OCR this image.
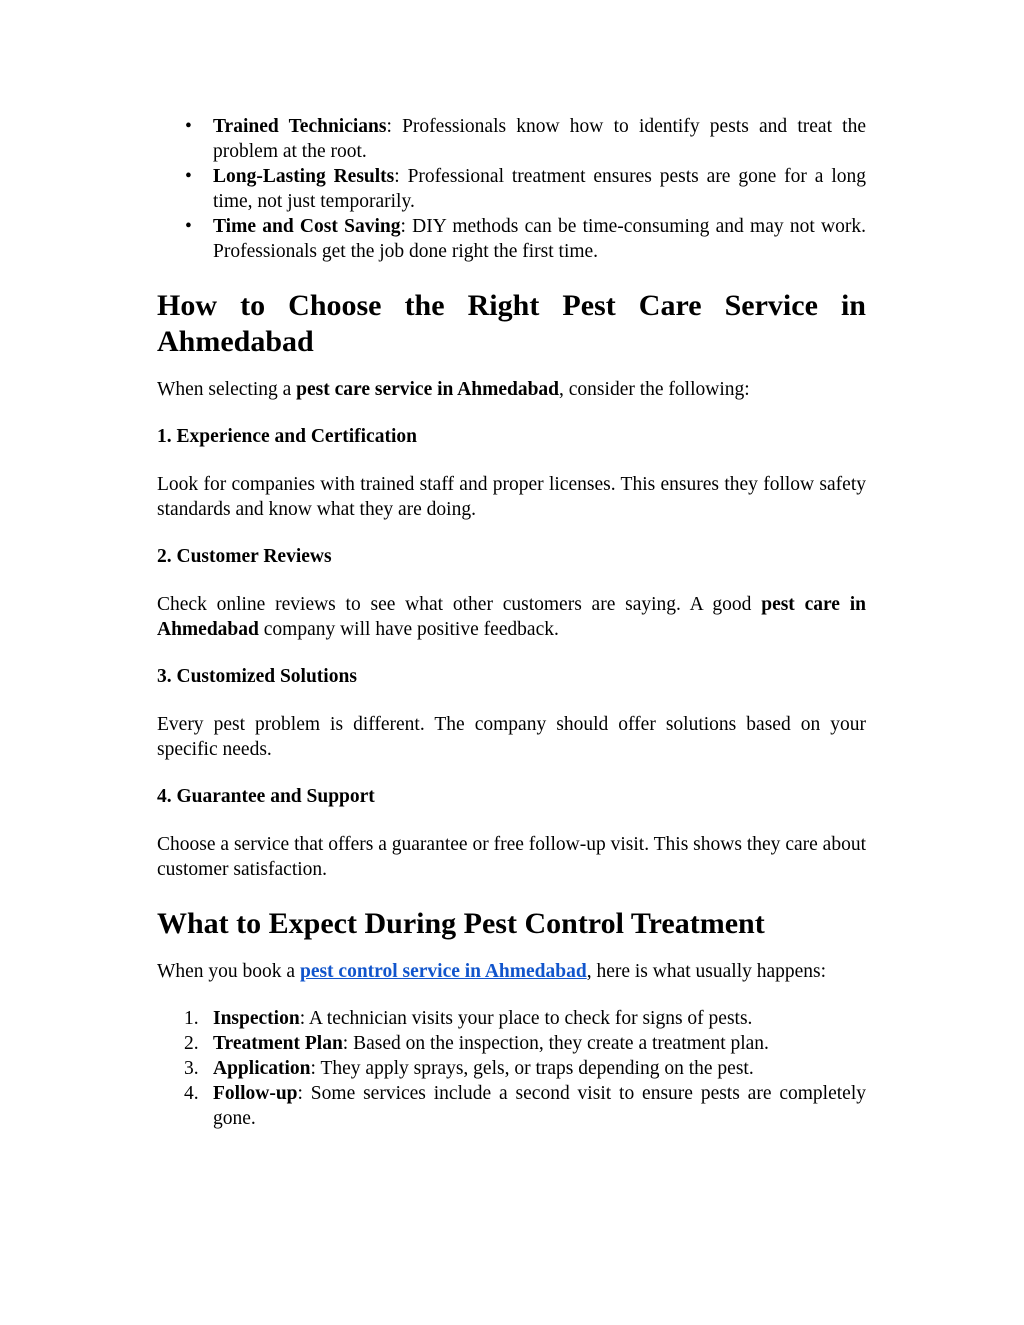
• Trained Technicians: Professionals know how to identify pests and treat the problem at the root.
• Long-Lasting Results: Professional treatment ensures pests are gone for a long time, not just temporarily.
• Time and Cost Saving: DIY methods can be time-consuming and may not work. Professionals get the job done right the first time.
How to Choose the Right Pest Care Service in Ahmedabad

When selecting a pest care service in Ahmedabad, consider the following:

1. Experience and Certification

Look for companies with trained staff and proper licenses. This ensures they follow safety standards and know what they are doing.

2. Customer Reviews

Check online reviews to see what other customers are saying. A good pest care in Ahmedabad company will have positive feedback.

3. Customized Solutions

Every pest problem is different. The company should offer solutions based on your specific needs.

4. Guarantee and Support

Choose a service that offers a guarantee or free follow-up visit. This shows they care about customer satisfaction.

What to Expect During Pest Control Treatment

When you book a pest control service in Ahmedabad, here is what usually happens:

1. Inspection: A technician visits your place to check for signs of pests.
2. Treatment Plan: Based on the inspection, they create a treatment plan.
3. Application: They apply sprays, gels, or traps depending on the pest.
4. Follow-up: Some services include a second visit to ensure pests are completely gone.
